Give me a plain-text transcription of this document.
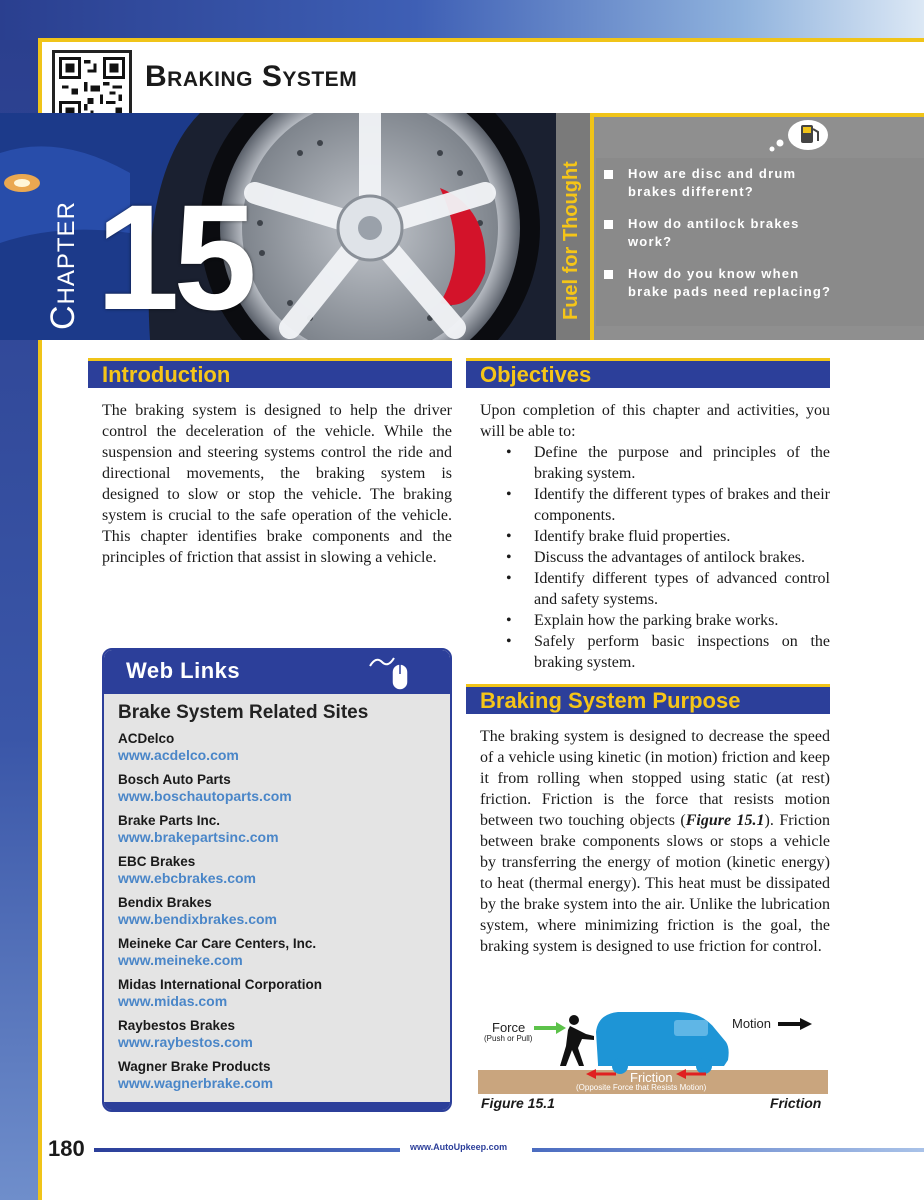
Braking System
Chapter 15	Fuel for Thought	How are disc and drum brakes different?
How do antilock brakes work?
How do you know when brake pads need replacing?
Introduction
The braking system is designed to help the driver control the deceleration of the vehicle. While the suspension and steering systems control the ride and directional movements, the braking system is designed to slow or stop the vehicle. The braking system is crucial to the safe operation of the vehicle. This chapter identifies brake components and the principles of friction that assist in slowing a vehicle.
Objectives
Upon completion of this chapter and activities, you will be able to:
• Define the purpose and principles of the braking system.
• Identify the different types of brakes and their components.
• Identify brake fluid properties.
• Discuss the advantages of antilock brakes.
• Identify different types of advanced control and safety systems.
• Explain how the parking brake works.
• Safely perform basic inspections on the braking system.
Web Links
Brake System Related Sites
ACDelco
www.acdelco.com
Bosch Auto Parts
www.boschautoparts.com
Brake Parts Inc.
www.brakepartsinc.com
EBC Brakes
www.ebcbrakes.com
Bendix Brakes
www.bendixbrakes.com
Meineke Car Care Centers, Inc.
www.meineke.com
Midas International Corporation
www.midas.com
Raybestos Brakes
www.raybestos.com
Wagner Brake Products
www.wagnerbrake.com
Braking System Purpose
The braking system is designed to decrease the speed of a vehicle using kinetic (in motion) friction and keep it from rolling when stopped using static (at rest) friction. Friction is the force that resists motion between two touching objects (Figure 15.1). Friction between brake components slows or stops a vehicle by transferring the energy of motion (kinetic energy) to heat (thermal energy). This heat must be dissipated by the brake system into the air. Unlike the lubrication system, where minimizing friction is the goal, the braking system is designed to use friction for control.
Force
(Push or Pull)
Motion
Friction
(Opposite Force that Resists Motion)
Figure 15.1	Friction
180	www.AutoUpkeep.com
